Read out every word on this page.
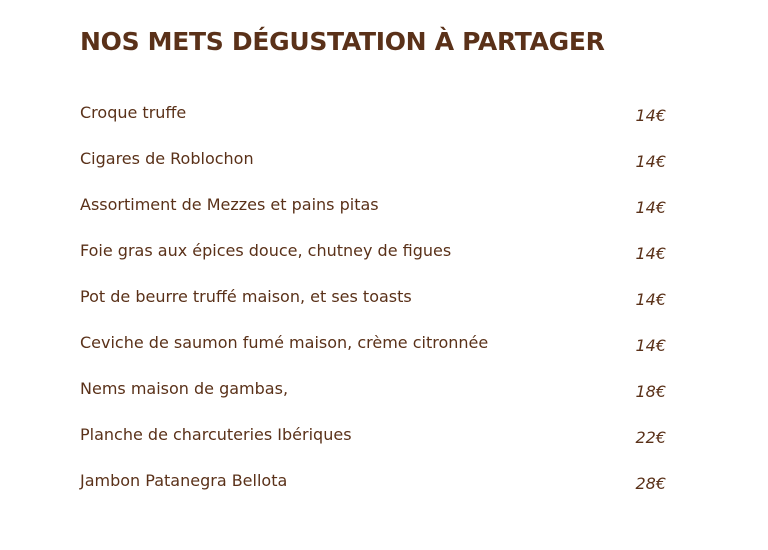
NOS METS DÉGUSTATION À PARTAGER
Croque truffe	14€
Cigares de Roblochon	14€
Assortiment de Mezzes et pains pitas	14€
Foie gras aux épices douce, chutney de figues	14€
Pot de beurre truffé maison, et ses toasts	14€
Ceviche de saumon fumé maison, crème citronnée	14€
Nems maison de gambas,	18€
Planche de charcuteries Ibériques	22€
Jambon Patanegra Bellota	28€
